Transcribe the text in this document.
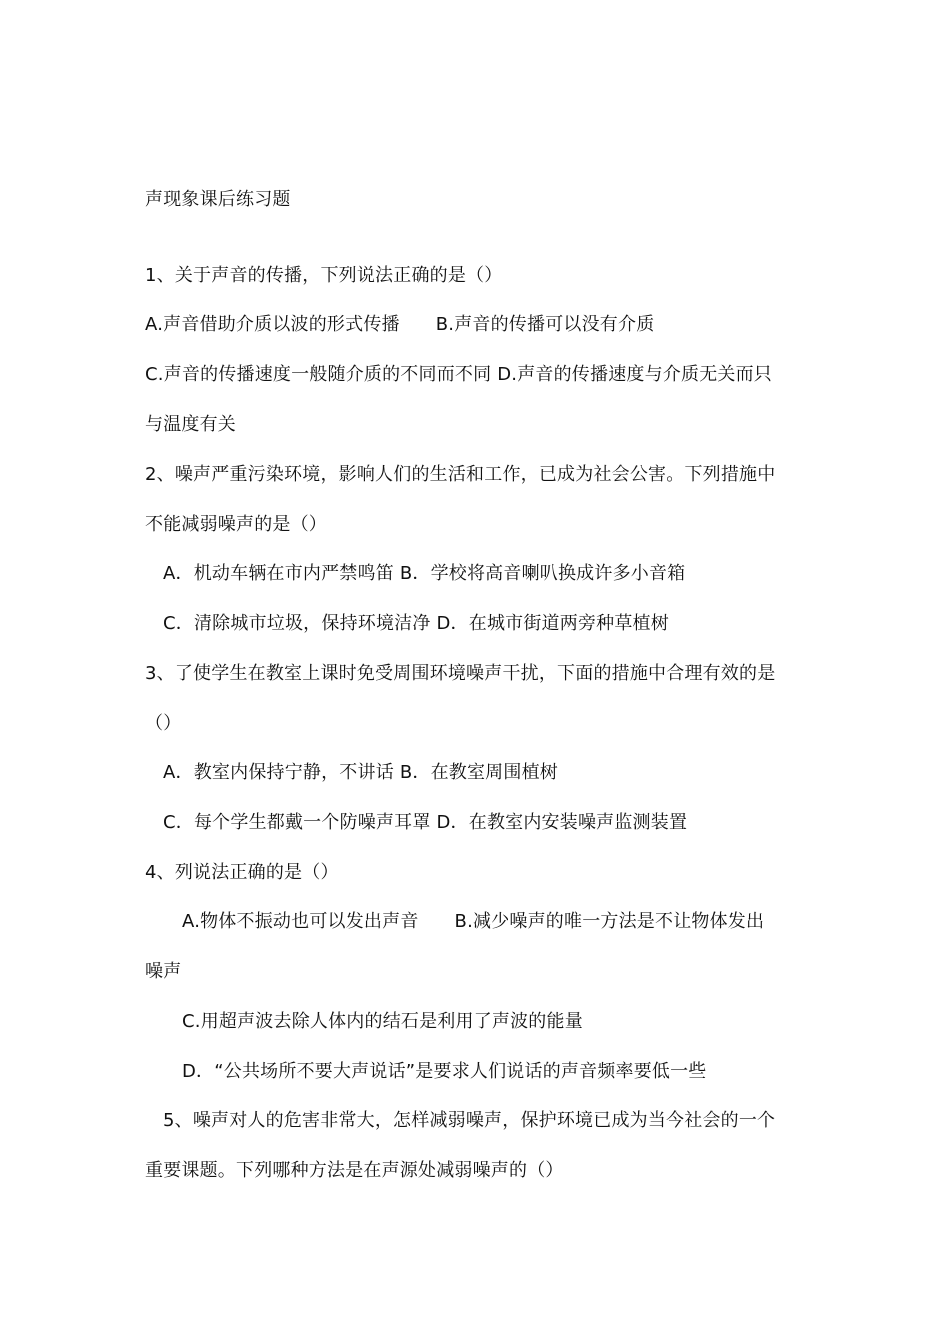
声现象课后练习题
1、关于声音的传播，下列说法正确的是（）
A.声音借助介质以波的形式传播 B.声音的传播可以没有介质
C.声音的传播速度一般随介质的不同而不同 D.声音的传播速度与介质无关而只
与温度有关
2、噪声严重污染环境，影响人们的生活和工作，已成为社会公害。下列措施中
不能减弱噪声的是（）
A．机动车辆在市内严禁鸣笛 B．学校将高音喇叭换成许多小音箱
C．清除城市垃圾，保持环境洁净 D．在城市街道两旁种草植树
3、了使学生在教室上课时免受周围环境噪声干扰，下面的措施中合理有效的是
（）
A．教室内保持宁静，不讲话 B．在教室周围植树
C．每个学生都戴一个防噪声耳罩 D．在教室内安装噪声监测装置
4、列说法正确的是（）
A.物体不振动也可以发出声音 B.减少噪声的唯一方法是不让物体发出
噪声
C.用超声波去除人体内的结石是利用了声波的能量
D．“公共场所不要大声说话”是要求人们说话的声音频率要低一些
5、噪声对人的危害非常大，怎样减弱噪声，保护环境已成为当今社会的一个
重要课题。下列哪种方法是在声源处减弱噪声的（）
